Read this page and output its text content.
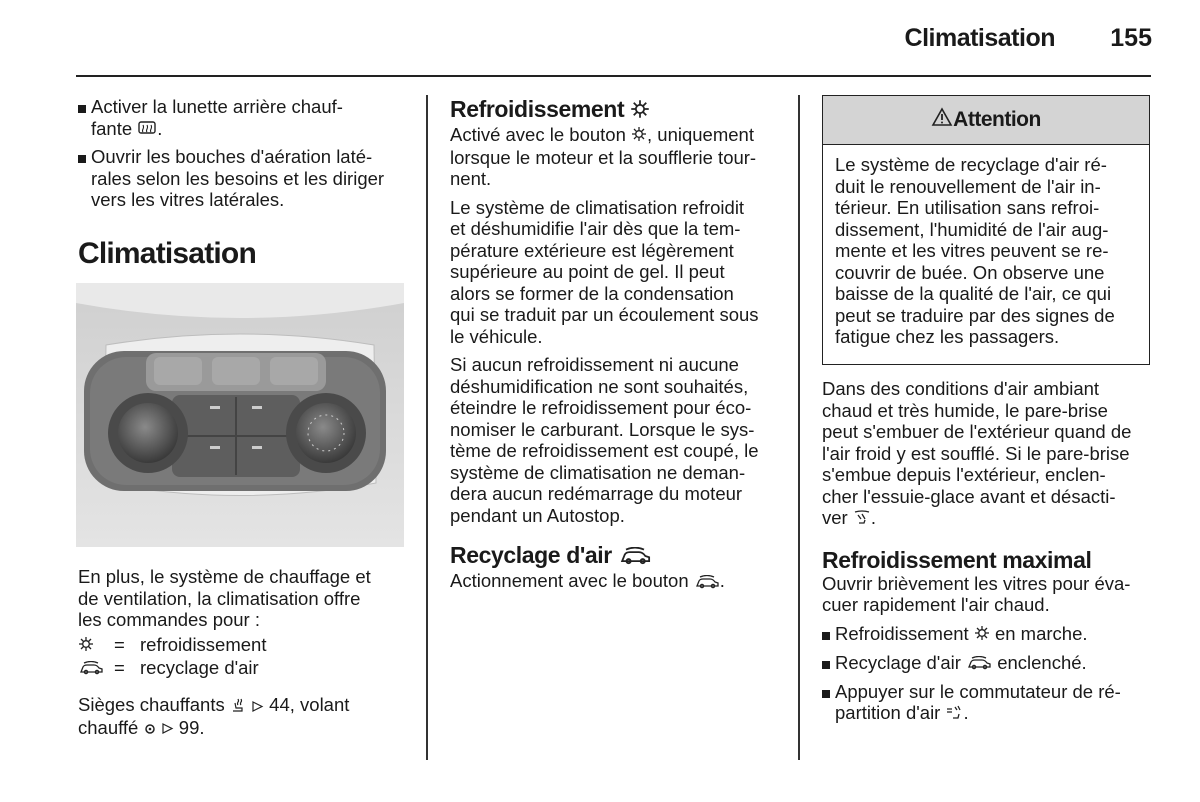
Climatisation 155
Activer la lunette arrière chauf-
fante .
Ouvrir les bouches d'aération laté-
rales selon les besoins et les diriger
vers les vitres latérales.
Climatisation

En plus, le système de chauffage et

de ventilation, la climatisation offre

les commandes pour :

= refroidissement
= recyclage d'air

Sièges chauffants 44, volant
chauffé 99.

Refroidissement

Activé avec le bouton , uniquement
lorsque le moteur et la soufflerie tour-
nent.

Le système de climatisation refroidit
et déshumidifie l'air dès que la tem-
pérature extérieure est légèrement
supérieure au point de gel. Il peut
alors se former de la condensation
qui se traduit par un écoulement sous
le véhicule.

Si aucun refroidissement ni aucune
déshumidification ne sont souhaités,
éteindre le refroidissement pour éco-
nomiser le carburant. Lorsque le sys-
tème de refroidissement est coupé, le
système de climatisation ne deman-
dera aucun redémarrage du moteur
pendant un Autostop.

Recyclage d'air

Actionnement avec le bouton .

Attention
Le système de recyclage d'air ré-
duit le renouvellement de l'air in-
térieur. En utilisation sans refroi-
dissement, l'humidité de l'air aug-
mente et les vitres peuvent se re-
couvrir de buée. On observe une
baisse de la qualité de l'air, ce qui
peut se traduire par des signes de
fatigue chez les passagers.

Dans des conditions d'air ambiant
chaud et très humide, le pare-brise
peut s'embuer de l'extérieur quand de
l'air froid y est soufflé. Si le pare-brise
s'embue depuis l'extérieur, enclen-
cher l'essuie-glace avant et désacti-
ver .

Refroidissement maximal

Ouvrir brièvement les vitres pour éva-
cuer rapidement l'air chaud.

Refroidissement en marche.
Recyclage d'air enclenché.
Appuyer sur le commutateur de ré-
partition d'air .
